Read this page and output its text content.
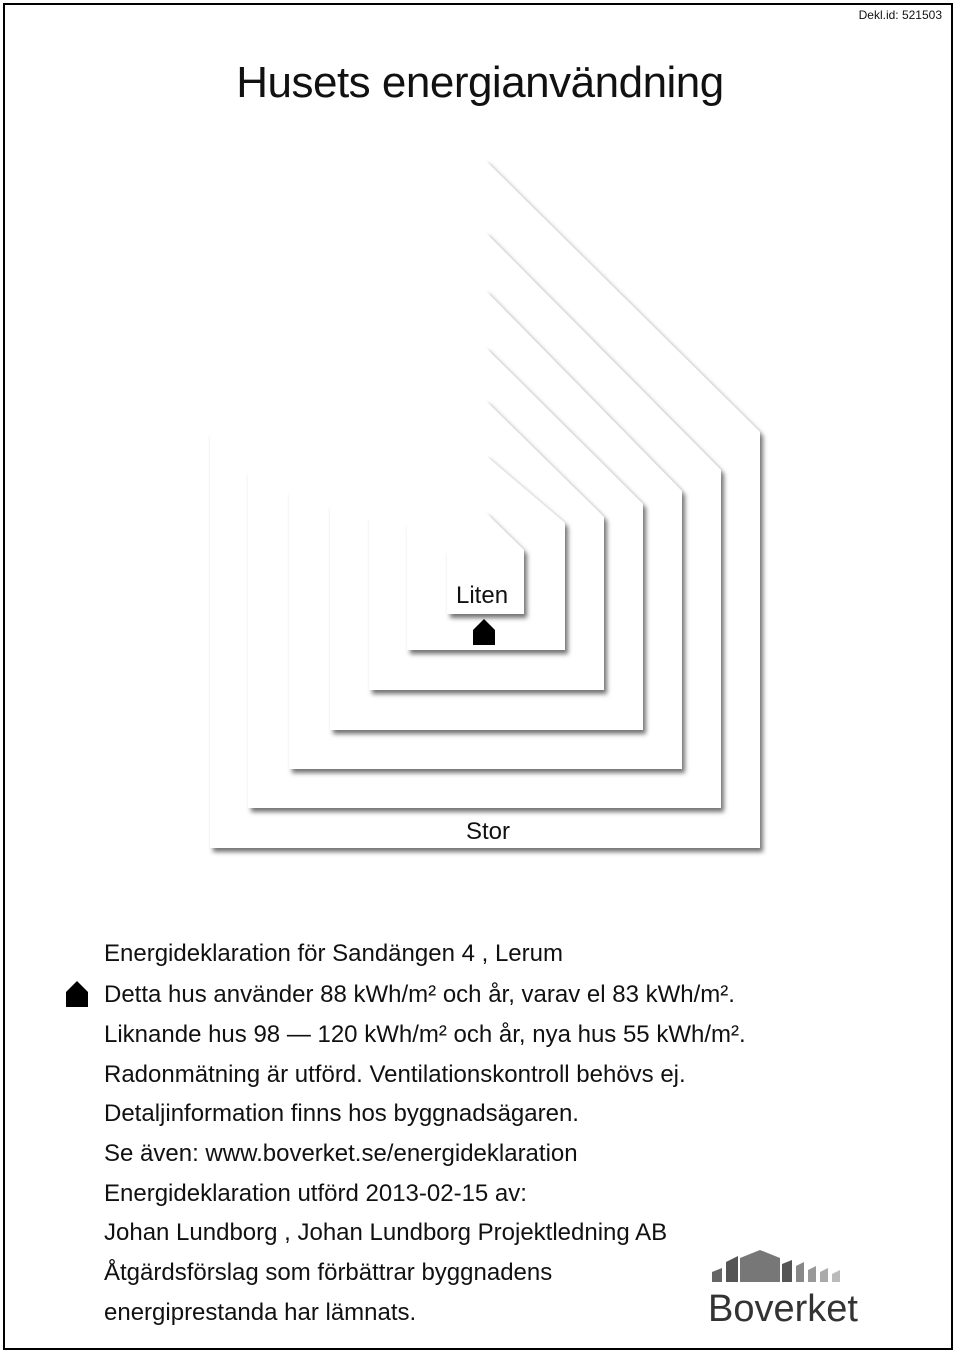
Dekl.id: 521503
Husets energianvändning
Liten
Stor
Energideklaration för Sandängen 4 , Lerum
Detta hus använder 88 kWh/m² och år, varav el 83 kWh/m².
Liknande hus 98 — 120 kWh/m² och år, nya hus 55 kWh/m².
Radonmätning är utförd. Ventilationskontroll behövs ej.
Detaljinformation finns hos byggnadsägaren.
Se även: www.boverket.se/energideklaration
Energideklaration utförd 2013-02-15 av:
Johan Lundborg , Johan Lundborg Projektledning AB
Åtgärdsförslag som förbättrar byggnadens
energiprestanda har lämnats.	Boverket
